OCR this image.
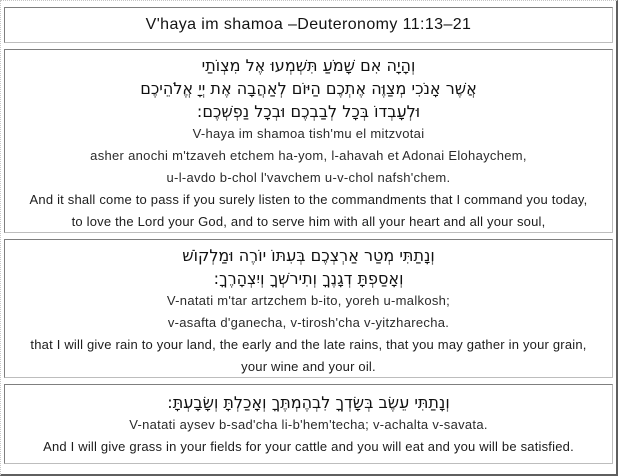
V'haya im shamoa –Deuteronomy 11:13–21
וְהָיָה אִם שָׁמֹעַ תִּשְׁמְעוּ אֶל מִצְוֹתַי
אֲשֶׁר אָנֹכִי מְצַוֶּה אֶתְכֶם הַיּוֹם לְאַהֲבָה אֶת יְיָ אֱלֹהֵיכֶם
וּלְעָבְדוֹ בְּכָל לְבַבְכֶם וּבְכָל נַפְשְׁכֶם:
V-haya im shamoa tish'mu el mitzvotai
asher anochi m'tzaveh etchem ha-yom, l-ahavah et Adonai Elohaychem,
u-l-avdo b-chol l'vavchem u-v-chol nafsh'chem.
And it shall come to pass if you surely listen to the commandments that I command you today,
to love the Lord your God, and to serve him with all your heart and all your soul,
וְנָתַתִּי מְטַר אַרְצְכֶם בְּעִתּוֹ יוֹרֶה וּמַלְקוֹשׁ
וְאָסַפְתָּ דְגָנֶךָ וְתִירשְׁךָ וְיִצְהָרֶךָ:
V-natati m'tar artzchem b-ito, yoreh u-malkosh;
v-asafta d'ganecha, v-tirosh'cha v-yitzharecha.
that I will give rain to your land, the early and the late rains, that you may gather in your grain,
your wine and your oil.
וְנָתַתִּי עֵשֶׂב בְּשָׂדְךָ לִבְהֶמְתֶּךָ וְאָכַלְתָּ וְשָׂבָעְתָּ:
V-natati aysev b-sad'cha li-b'hem'techa; v-achalta v-savata.
And I will give grass in your fields for your cattle and you will eat and you will be satisfied.
